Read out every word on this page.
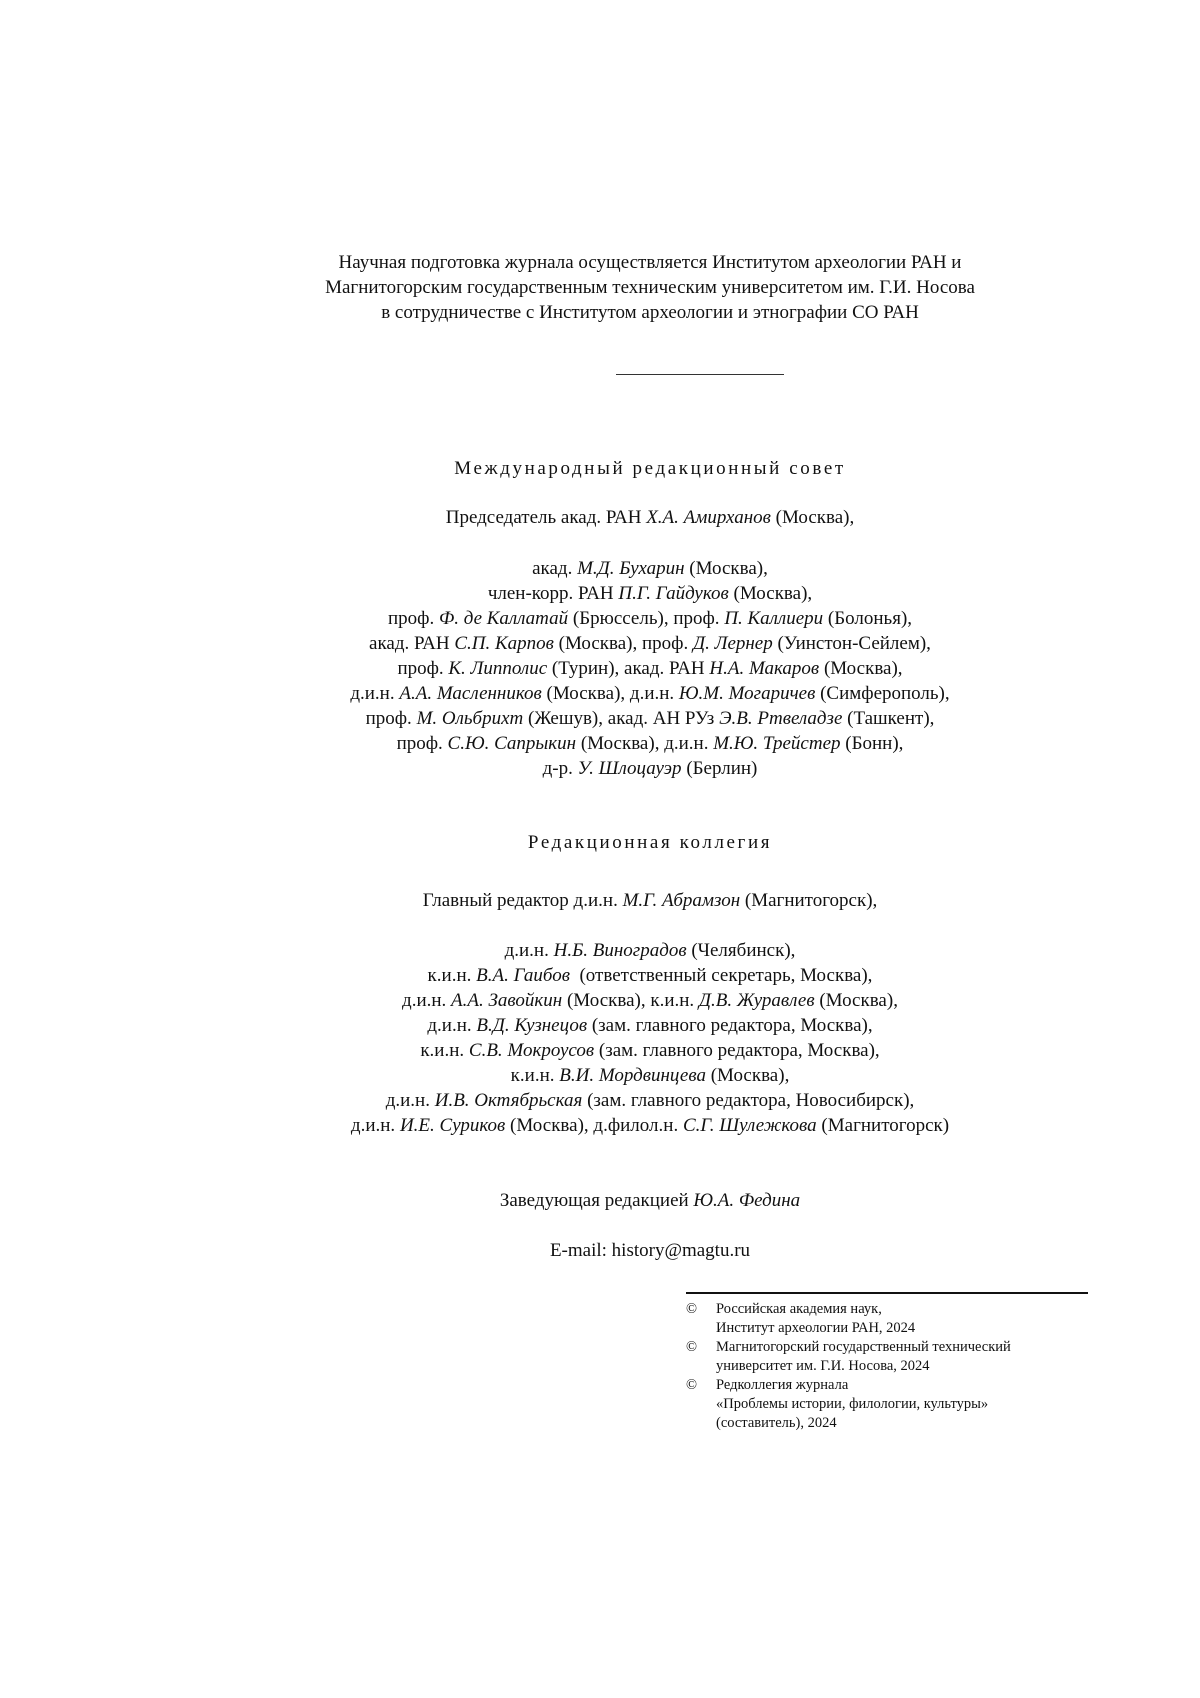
Научная подготовка журнала осуществляется Институтом археологии РАН и
Магнитогорским государственным техническим университетом им. Г.И. Носова
в сотрудничестве с Институтом археологии и этнографии СО РАН
Международный редакционный совет
Председатель акад. РАН Х.А. Амирханов (Москва),
акад. М.Д. Бухарин (Москва),
член-корр. РАН П.Г. Гайдуков (Москва),
проф. Ф. де Каллатай (Брюссель), проф. П. Каллиери (Болонья),
акад. РАН С.П. Карпов (Москва), проф. Д. Лернер (Уинстон-Сейлем),
проф. К. Липполис (Турин), акад. РАН Н.А. Макаров (Москва),
д.и.н. А.А. Масленников (Москва), д.и.н. Ю.М. Могаричев (Симферополь),
проф. М. Ольбрихт (Жешув), акад. АН РУз Э.В. Ртвеладзе (Ташкент),
проф. С.Ю. Сапрыкин (Москва), д.и.н. М.Ю. Трейстер (Бонн),
д-р. У. Шлоцауэр (Берлин)
Редакционная коллегия
Главный редактор д.и.н. М.Г. Абрамзон (Магнитогорск),
д.и.н. Н.Б. Виноградов (Челябинск),
к.и.н. В.А. Гаибов  (ответственный секретарь, Москва),
д.и.н. А.А. Завойкин (Москва), к.и.н. Д.В. Журавлев (Москва),
д.и.н. В.Д. Кузнецов (зам. главного редактора, Москва),
к.и.н. С.В. Мокроусов (зам. главного редактора, Москва),
к.и.н. В.И. Мордвинцева (Москва),
д.и.н. И.В. Октябрьская (зам. главного редактора, Новосибирск),
д.и.н. И.Е. Суриков (Москва), д.филол.н. С.Г. Шулежкова (Магнитогорск)
Заведующая редакцией Ю.А. Федина
E-mail: history@magtu.ru
©	Российская академия наук,
Институт археологии РАН, 2024
©	Магнитогорский государственный технический
университет им. Г.И. Носова, 2024
©	Редколлегия журнала
«Проблемы истории, филологии, культуры»
(составитель), 2024
